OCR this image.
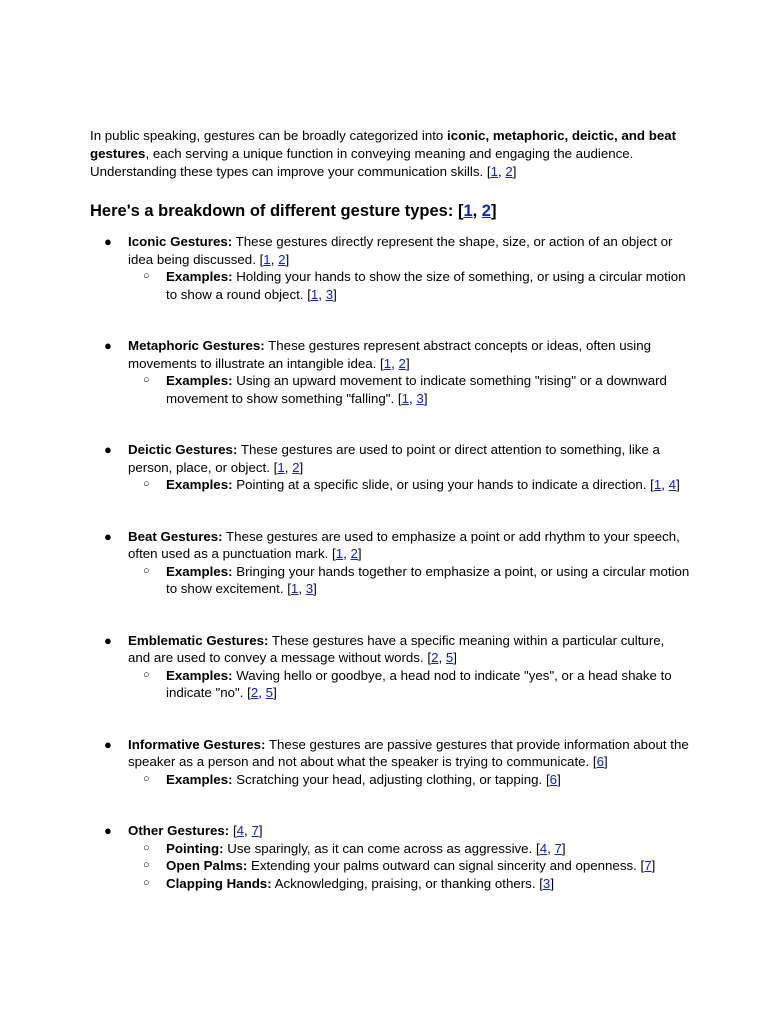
In public speaking, gestures can be broadly categorized into iconic, metaphoric, deictic, and beat gestures, each serving a unique function in conveying meaning and engaging the audience. Understanding these types can improve your communication skills. [1, 2]

Here's a breakdown of different gesture types: [1, 2]
● Iconic Gestures: These gestures directly represent the shape, size, or action of an object or idea being discussed. [1, 2]
○ Examples: Holding your hands to show the size of something, or using a circular motion to show a round object. [1, 3]
● Metaphoric Gestures: These gestures represent abstract concepts or ideas, often using movements to illustrate an intangible idea. [1, 2]
○ Examples: Using an upward movement to indicate something "rising" or a downward movement to show something "falling". [1, 3]
● Deictic Gestures: These gestures are used to point or direct attention to something, like a person, place, or object. [1, 2]
○ Examples: Pointing at a specific slide, or using your hands to indicate a direction. [1, 4]
● Beat Gestures: These gestures are used to emphasize a point or add rhythm to your speech, often used as a punctuation mark. [1, 2]
○ Examples: Bringing your hands together to emphasize a point, or using a circular motion to show excitement. [1, 3]
● Emblematic Gestures: These gestures have a specific meaning within a particular culture, and are used to convey a message without words. [2, 5]
○ Examples: Waving hello or goodbye, a head nod to indicate "yes", or a head shake to indicate "no". [2, 5]
● Informative Gestures: These gestures are passive gestures that provide information about the speaker as a person and not about what the speaker is trying to communicate. [6]
○ Examples: Scratching your head, adjusting clothing, or tapping. [6]
● Other Gestures: [4, 7]
○ Pointing: Use sparingly, as it can come across as aggressive. [4, 7]
○ Open Palms: Extending your palms outward can signal sincerity and openness. [7]
○ Clapping Hands: Acknowledging, praising, or thanking others. [3]
